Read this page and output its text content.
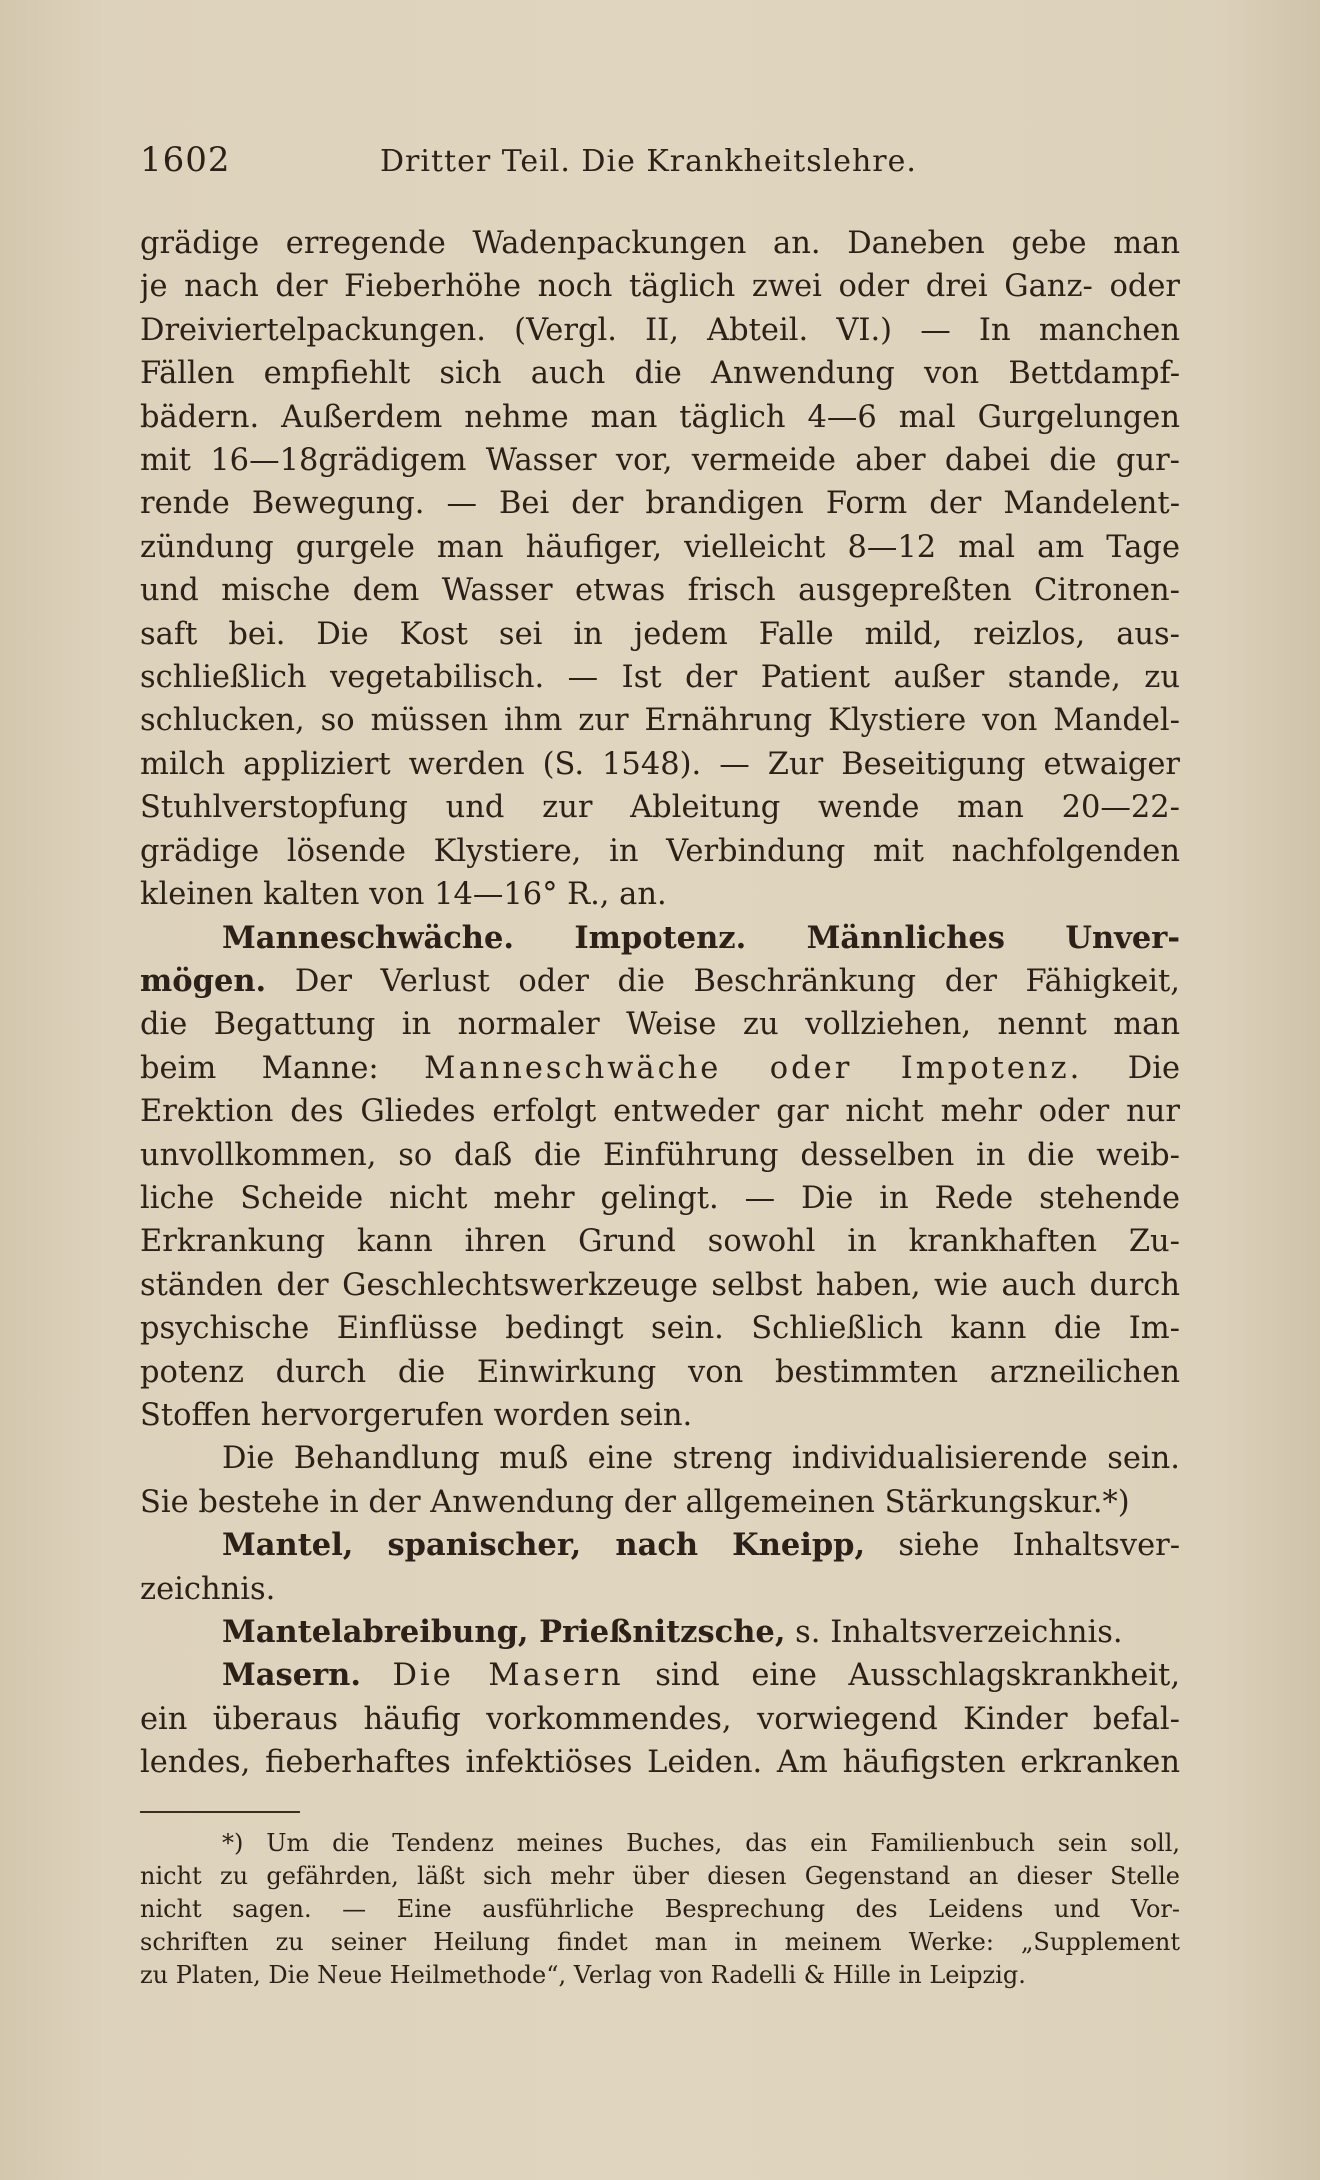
1602	Dritter Teil. Die Krankheitslehre.
grädige erregende Wadenpackungen an. Daneben gebe man
je nach der Fieberhöhe noch täglich zwei oder drei Ganz- oder
Dreiviertelpackungen. (Vergl. II, Abteil. VI.) — In manchen
Fällen empfiehlt sich auch die Anwendung von Bettdampf-
bädern. Außerdem nehme man täglich 4—6 mal Gurgelungen
mit 16—18grädigem Wasser vor, vermeide aber dabei die gur-
rende Bewegung. — Bei der brandigen Form der Mandelent-
zündung gurgele man häufiger, vielleicht 8—12 mal am Tage
und mische dem Wasser etwas frisch ausgepreßten Citronen-
saft bei. Die Kost sei in jedem Falle mild, reizlos, aus-
schließlich vegetabilisch. — Ist der Patient außer stande, zu
schlucken, so müssen ihm zur Ernährung Klystiere von Mandel-
milch appliziert werden (S. 1548). — Zur Beseitigung etwaiger
Stuhlverstopfung und zur Ableitung wende man 20—22-
grädige lösende Klystiere, in Verbindung mit nachfolgenden
kleinen kalten von 14—16° R., an.
Manneschwäche. Impotenz. Männliches Unver-
mögen. Der Verlust oder die Beschränkung der Fähigkeit,
die Begattung in normaler Weise zu vollziehen, nennt man
beim Manne: Manneschwäche oder Impotenz. Die
Erektion des Gliedes erfolgt entweder gar nicht mehr oder nur
unvollkommen, so daß die Einführung desselben in die weib-
liche Scheide nicht mehr gelingt. — Die in Rede stehende
Erkrankung kann ihren Grund sowohl in krankhaften Zu-
ständen der Geschlechtswerkzeuge selbst haben, wie auch durch
psychische Einflüsse bedingt sein. Schließlich kann die Im-
potenz durch die Einwirkung von bestimmten arzneilichen
Stoffen hervorgerufen worden sein.
Die Behandlung muß eine streng individualisierende sein.
Sie bestehe in der Anwendung der allgemeinen Stärkungskur.*)
Mantel, spanischer, nach Kneipp, siehe Inhaltsver-
zeichnis.
Mantelabreibung, Prießnitzsche, s. Inhaltsverzeichnis.
Masern. Die Masern sind eine Ausschlagskrankheit,
ein überaus häufig vorkommendes, vorwiegend Kinder befal-
lendes, fieberhaftes infektiöses Leiden. Am häufigsten erkranken
*) Um die Tendenz meines Buches, das ein Familienbuch sein soll,
nicht zu gefährden, läßt sich mehr über diesen Gegenstand an dieser Stelle
nicht sagen. — Eine ausführliche Besprechung des Leidens und Vor-
schriften zu seiner Heilung findet man in meinem Werke: „Supplement
zu Platen, Die Neue Heilmethode“, Verlag von Radelli & Hille in Leipzig.
